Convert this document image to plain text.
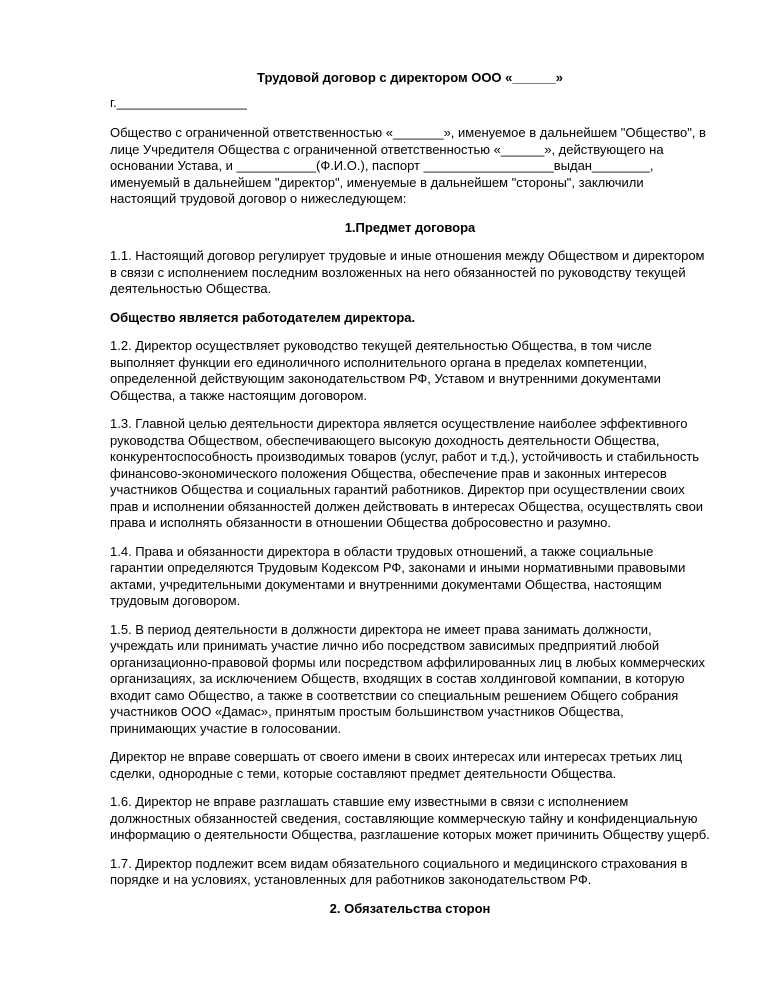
Трудовой договор с директором ООО «______»
г.__________________
Общество с ограниченной ответственностью «_______», именуемое в дальнейшем "Общество", в лице Учредителя Общества с ограниченной ответственностью «______», действующего на основании Устава, и ___________(Ф.И.О.), паспорт __________________выдан________, именуемый в дальнейшем "директор", именуемые в дальнейшем "стороны", заключили настоящий трудовой договор о нижеследующем:
1.Предмет договора
1.1. Настоящий договор регулирует трудовые и иные отношения между Обществом и директором в связи с исполнением последним возложенных на него обязанностей по руководству текущей деятельностью Общества.
Общество является работодателем директора.
1.2. Директор осуществляет руководство текущей деятельностью Общества, в том числе выполняет функции его единоличного исполнительного органа в пределах компетенции, определенной действующим законодательством РФ, Уставом и внутренними документами Общества, а также настоящим договором.
1.3. Главной целью деятельности директора является осуществление наиболее эффективного руководства Обществом, обеспечивающего высокую доходность деятельности Общества, конкурентоспособность производимых товаров (услуг, работ и т.д.), устойчивость и стабильность финансово-экономического положения Общества, обеспечение прав и законных интересов участников Общества и социальных гарантий работников. Директор при осуществлении своих прав и исполнении обязанностей должен действовать в интересах Общества, осуществлять свои права и исполнять обязанности в отношении Общества добросовестно и разумно.
1.4. Права и обязанности директора в области трудовых отношений, а также социальные гарантии определяются Трудовым Кодексом РФ, законами и иными нормативными правовыми актами, учредительными документами и внутренними документами Общества, настоящим трудовым договором.
1.5. В период деятельности в должности директора не имеет права занимать должности, учреждать или принимать участие лично ибо посредством зависимых предприятий любой организационно-правовой формы или посредством аффилированных лиц в любых коммерческих организациях, за исключением Обществ, входящих в состав холдинговой компании, в которую входит само Общество, а также в соответствии со специальным решением Общего собрания участников ООО «Дамас», принятым простым большинством участников Общества, принимающих участие в голосовании.
Директор не вправе совершать от своего имени в своих интересах или интересах третьих лиц сделки, однородные с теми, которые составляют предмет деятельности Общества.
1.6. Директор не вправе разглашать ставшие ему известными в связи с исполнением должностных обязанностей сведения, составляющие коммерческую тайну и конфиденциальную информацию о деятельности Общества, разглашение которых может причинить Обществу ущерб.
1.7. Директор подлежит всем видам обязательного социального и медицинского страхования в порядке и на условиях, установленных для работников законодательством РФ.
2. Обязательства сторон
